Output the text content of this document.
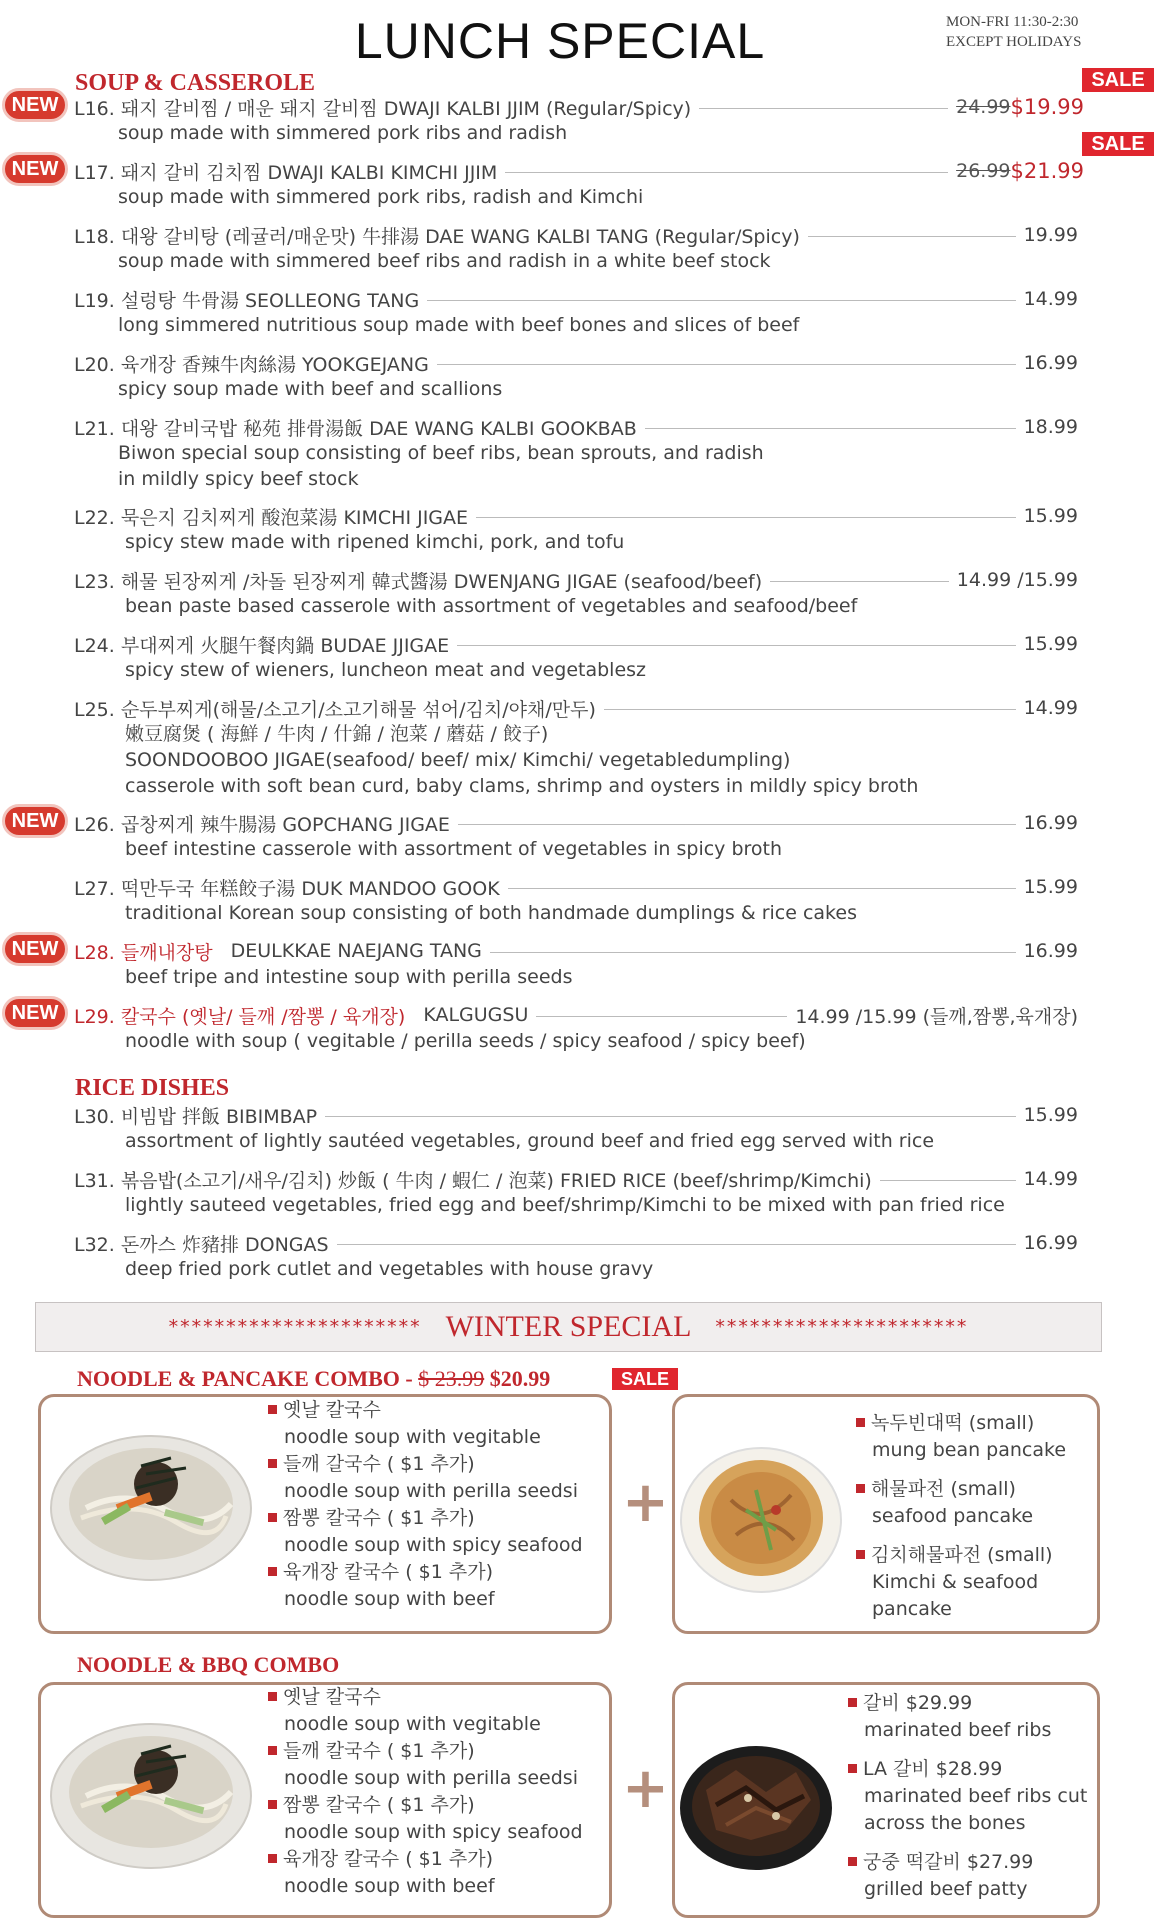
LUNCH SPECIAL	MON-FRI 11:30-2:30
EXCEPT HOLIDAYS
SOUP & CASSEROLE
NEW L16. 돼지 갈비찜 / 매운 돼지 갈비찜 DWAJI KALBI JJIM (Regular/Spicy)	24.99 $19.99
soup made with simmered pork ribs and radish
SALE
NEW L17. 돼지 갈비 김치찜 DWAJI KALBI KIMCHI JJIM	26.99 $21.99
soup made with simmered pork ribs, radish and Kimchi
SALE
L18. 대왕 갈비탕 (레귤러/매운맛) 牛排湯 DAE WANG KALBI TANG (Regular/Spicy)	19.99
soup made with simmered beef ribs and radish in a white beef stock
L19. 설렁탕 牛骨湯 SEOLLEONG TANG	14.99
long simmered nutritious soup made with beef bones and slices of beef
L20. 육개장 香辣牛肉絲湯 YOOKGEJANG	16.99
spicy soup made with beef and scallions
L21. 대왕 갈비국밥 秘苑 排骨湯飯 DAE WANG KALBI GOOKBAB	18.99
Biwon special soup consisting of beef ribs, bean sprouts, and radish
in mildly spicy beef stock
L22. 묵은지 김치찌게 酸泡菜湯 KIMCHI JIGAE	15.99
spicy stew made with ripened kimchi, pork, and tofu
L23. 해물 된장찌게 /차돌 된장찌게 韓式醬湯 DWENJANG JIGAE (seafood/beef)	14.99 /15.99
bean paste based casserole with assortment of vegetables and seafood/beef
L24. 부대찌게 火腿午餐肉鍋 BUDAE JJIGAE	15.99
spicy stew of wieners, luncheon meat and vegetablesz
L25. 순두부찌게(해물/소고기/소고기해물 섞어/김치/야채/만두)	14.99
嫩豆腐煲 ( 海鮮 / 牛肉 / 什錦 / 泡菜 / 蘑菇 / 餃子)
SOONDOOBOO JIGAE(seafood/ beef/ mix/ Kimchi/ vegetabledumpling)
casserole with soft bean curd, baby clams, shrimp and oysters in mildly spicy broth
NEW L26. 곱창찌게 辣牛腸湯 GOPCHANG JIGAE	16.99
beef intestine casserole with assortment of vegetables in spicy broth
L27. 떡만두국 年糕餃子湯 DUK MANDOO GOOK	15.99
traditional Korean soup consisting of both handmade dumplings & rice cakes
NEW L28. 들깨내장탕 DEULKKAE NAEJANG TANG	16.99
beef tripe and intestine soup with perilla seeds
NEW L29. 칼국수 (옛날/ 들깨 /짬뽕 / 육개장) KALGUGSU	14.99 /15.99 (들깨,짬뽕,육개장)
noodle with soup ( vegitable / perilla seeds / spicy seafood / spicy beef)
RICE DISHES
L30. 비빔밥 拌飯 BIBIMBAP	15.99
assortment of lightly sautéed vegetables, ground beef and fried egg served with rice
L31. 볶음밥(소고기/새우/김치) 炒飯 ( 牛肉 / 蝦仁 / 泡菜) FRIED RICE (beef/shrimp/Kimchi)	14.99
lightly sauteed vegetables, fried egg and beef/shrimp/Kimchi to be mixed with pan fried rice
L32. 돈까스 炸豬排 DONGAS	16.99
deep fried pork cutlet and vegetables with house gravy
********************** WINTER SPECIAL **********************
NOODLE & PANCAKE COMBO - $ 23.99 $20.99	SALE
옛날 칼국수
noodle soup with vegitable
들깨 갈국수 ( $1 추가)
noodle soup with perilla seedsi
짬뽕 칼국수 ( $1 추가)
noodle soup with spicy seafood
육개장 칼국수 ( $1 추가)
noodle soup with beef
+
녹두빈대떡 (small)
mung bean pancake
해물파전 (small)
seafood pancake
김치해물파전 (small)
Kimchi & seafood
pancake
NOODLE & BBQ COMBO
옛날 칼국수
noodle soup with vegitable
들깨 칼국수 ( $1 추가)
noodle soup with perilla seedsi
짬뽕 칼국수 ( $1 추가)
noodle soup with spicy seafood
육개장 칼국수 ( $1 추가)
noodle soup with beef
+
갈비 $29.99
marinated beef ribs
LA 갈비 $28.99
marinated beef ribs cut
across the bones
궁중 떡갈비 $27.99
grilled beef patty
